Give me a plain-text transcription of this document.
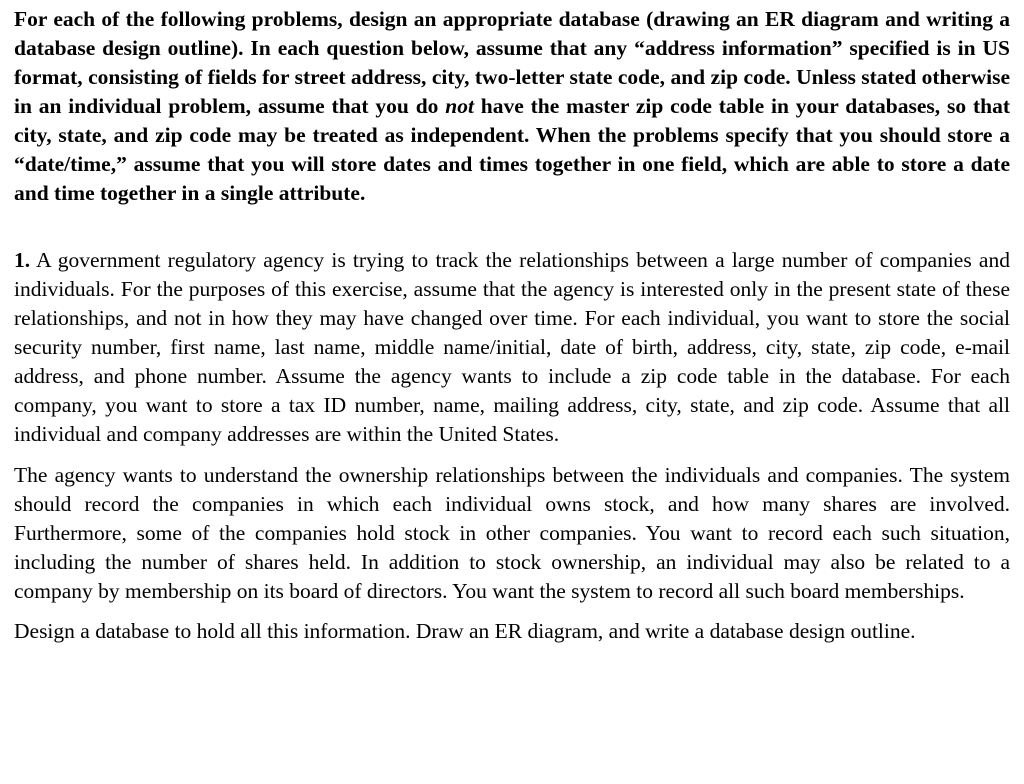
For each of the following problems, design an appropriate database (drawing an ER diagram and writing a database design outline). In each question below, assume that any “address information” specified is in US format, consisting of fields for street address, city, two-letter state code, and zip code. Unless stated otherwise in an individual problem, assume that you do not have the master zip code table in your databases, so that city, state, and zip code may be treated as independent. When the problems specify that you should store a “date/time,” assume that you will store dates and times together in one field, which are able to store a date and time together in a single attribute.

1. A government regulatory agency is trying to track the relationships between a large number of companies and individuals. For the purposes of this exercise, assume that the agency is interested only in the present state of these relationships, and not in how they may have changed over time. For each individual, you want to store the social security number, first name, last name, middle name/initial, date of birth, address, city, state, zip code, e-mail address, and phone number. Assume the agency wants to include a zip code table in the database. For each company, you want to store a tax ID number, name, mailing address, city, state, and zip code. Assume that all individual and company addresses are within the United States.

The agency wants to understand the ownership relationships between the individuals and companies. The system should record the companies in which each individual owns stock, and how many shares are involved. Furthermore, some of the companies hold stock in other companies. You want to record each such situation, including the number of shares held. In addition to stock ownership, an individual may also be related to a company by membership on its board of directors. You want the system to record all such board memberships.

Design a database to hold all this information. Draw an ER diagram, and write a database design outline.
